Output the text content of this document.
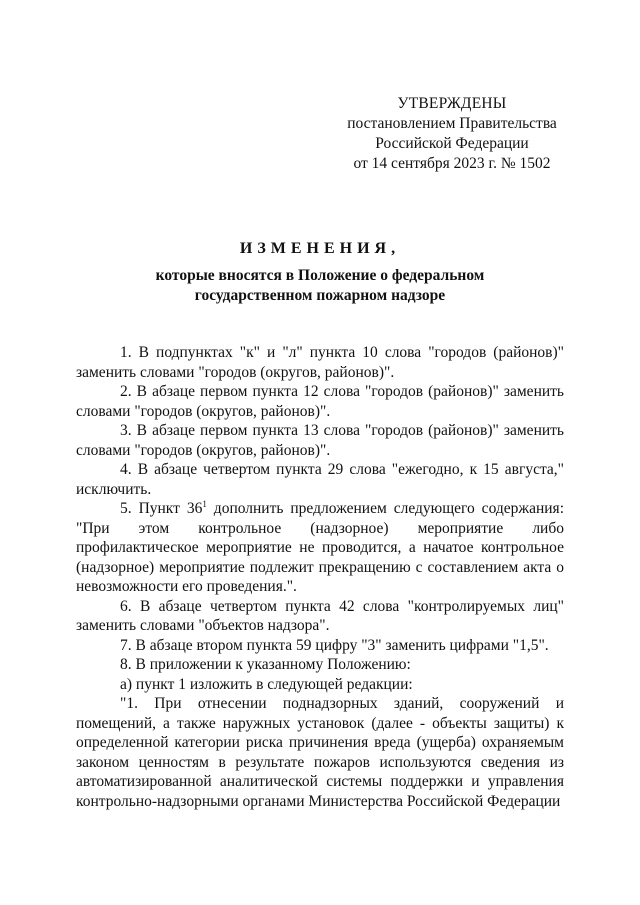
УТВЕРЖДЕНЫ
постановлением Правительства
Российской Федерации
от 14 сентября 2023 г. № 1502
ИЗМЕНЕНИЯ,
которые вносятся в Положение о федеральном
государственном пожарном надзоре

1. В подпунктах "к" и "л" пункта 10 слова "городов (районов)" заменить словами "городов (округов, районов)".

2. В абзаце первом пункта 12 слова "городов (районов)" заменить словами "городов (округов, районов)".

3. В абзаце первом пункта 13 слова "городов (районов)" заменить словами "городов (округов, районов)".

4. В абзаце четвертом пункта 29 слова "ежегодно, к 15 августа," исключить.

5. Пункт $36^1$ дополнить предложением следующего содержания: "При этом контрольное (надзорное) мероприятие либо профилактическое мероприятие не проводится, а начатое контрольное (надзорное) мероприятие подлежит прекращению с составлением акта о невозможности его проведения.".

6. В абзаце четвертом пункта 42 слова "контролируемых лиц" заменить словами "объектов надзора".

7. В абзаце втором пункта 59 цифру "3" заменить цифрами "1,5".

8. В приложении к указанному Положению:

а) пункт 1 изложить в следующей редакции:

"1. При отнесении поднадзорных зданий, сооружений и помещений, а также наружных установок (далее - объекты защиты) к определенной категории риска причинения вреда (ущерба) охраняемым законом ценностям в результате пожаров используются сведения из автоматизированной аналитической системы поддержки и управления контрольно-надзорными органами Министерства Российской Федерации
